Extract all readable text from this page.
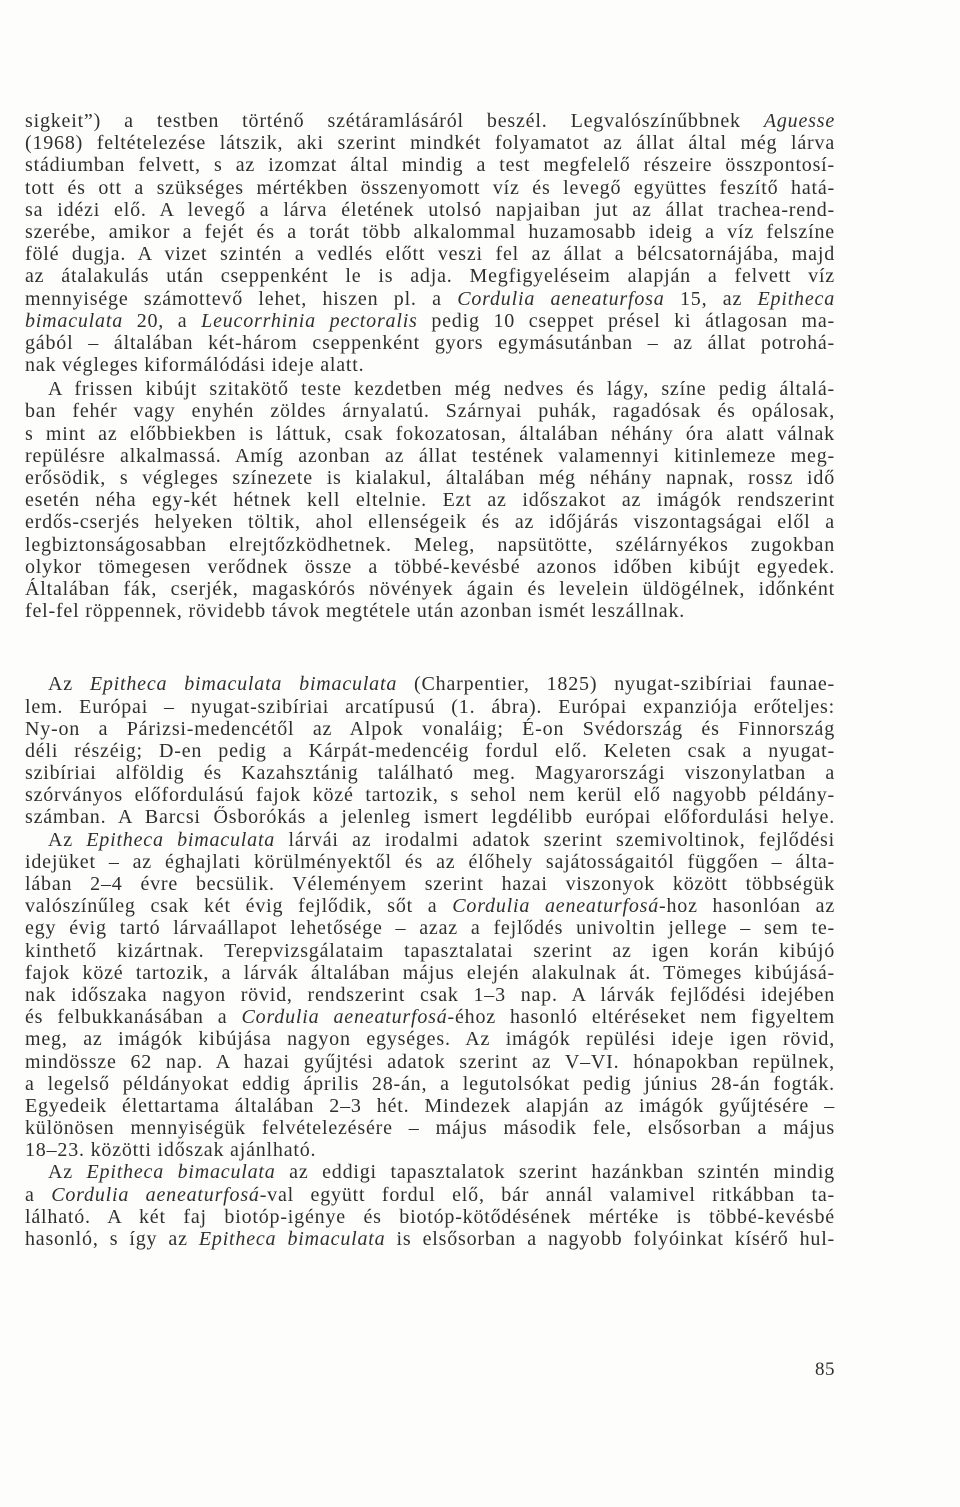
sigkeit”) a testben történő szétáramlásáról beszél. Legvalószínűbbnek Aguesse
(1968) feltételezése látszik, aki szerint mindkét folyamatot az állat által még lárva
stádiumban felvett, s az izomzat által mindig a test megfelelő részeire összpontosí-
tott és ott a szükséges mértékben összenyomott víz és levegő együttes feszítő hatá-
sa idézi elő. A levegő a lárva életének utolsó napjaiban jut az állat trachea-rend-
szerébe, amikor a fejét és a torát több alkalommal huzamosabb ideig a víz felszíne
fölé dugja. A vizet szintén a vedlés előtt veszi fel az állat a bélcsatornájába, majd
az átalakulás után cseppenként le is adja. Megfigyeléseim alapján a felvett víz
mennyisége számottevő lehet, hiszen pl. a Cordulia aeneaturfosa 15, az Epitheca
bimaculata 20, a Leucorrhinia pectoralis pedig 10 cseppet présel ki átlagosan ma-
gából – általában két-három cseppenként gyors egymásutánban – az állat potrohá-
nak végleges kiformálódási ideje alatt.
A frissen kibújt szitakötő teste kezdetben még nedves és lágy, színe pedig általá-
ban fehér vagy enyhén zöldes árnyalatú. Szárnyai puhák, ragadósak és opálosak,
s mint az előbbiekben is láttuk, csak fokozatosan, általában néhány óra alatt válnak
repülésre alkalmassá. Amíg azonban az állat testének valamennyi kitinlemeze meg-
erősödik, s végleges színezete is kialakul, általában még néhány napnak, rossz idő
esetén néha egy-két hétnek kell eltelnie. Ezt az időszakot az imágók rendszerint
erdős-cserjés helyeken töltik, ahol ellenségeik és az időjárás viszontagságai elől a
legbiztonságosabban elrejtőzködhetnek. Meleg, napsütötte, szélárnyékos zugokban
olykor tömegesen verődnek össze a többé-kevésbé azonos időben kibújt egyedek.
Általában fák, cserjék, magaskórós növények ágain és levelein üldögélnek, időnként
fel-fel röppennek, rövidebb távok megtétele után azonban ismét leszállnak.
Az Epitheca bimaculata bimaculata (Charpentier, 1825) nyugat-szibíriai faunae-
lem. Európai – nyugat-szibíriai arcatípusú (1. ábra). Európai expanziója erőteljes:
Ny-on a Párizsi-medencétől az Alpok vonaláig; É-on Svédország és Finnország
déli részéig; D-en pedig a Kárpát-medencéig fordul elő. Keleten csak a nyugat-
szibíriai alföldig és Kazahsztánig található meg. Magyarországi viszonylatban a
szórványos előfordulású fajok közé tartozik, s sehol nem kerül elő nagyobb példány-
számban. A Barcsi Ősborókás a jelenleg ismert legdélibb európai előfordulási helye.
Az Epitheca bimaculata lárvái az irodalmi adatok szerint szemivoltinok, fejlődési
idejüket – az éghajlati körülményektől és az élőhely sajátosságaitól függően – álta-
lában 2–4 évre becsülik. Véleményem szerint hazai viszonyok között többségük
valószínűleg csak két évig fejlődik, sőt a Cordulia aeneaturfosá-hoz hasonlóan az
egy évig tartó lárvaállapot lehetősége – azaz a fejlődés univoltin jellege – sem te-
kinthető kizártnak. Terepvizsgálataim tapasztalatai szerint az igen korán kibújó
fajok közé tartozik, a lárvák általában május elején alakulnak át. Tömeges kibújásá-
nak időszaka nagyon rövid, rendszerint csak 1–3 nap. A lárvák fejlődési idejében
és felbukkanásában a Cordulia aeneaturfosá-éhoz hasonló eltéréseket nem figyeltem
meg, az imágók kibújása nagyon egységes. Az imágók repülési ideje igen rövid,
mindössze 62 nap. A hazai gyűjtési adatok szerint az V–VI. hónapokban repülnek,
a legelső példányokat eddig április 28-án, a legutolsókat pedig június 28-án fogták.
Egyedeik élettartama általában 2–3 hét. Mindezek alapján az imágók gyűjtésére –
különösen mennyiségük felvételezésére – május második fele, elsősorban a május
18–23. közötti időszak ajánlható.
Az Epitheca bimaculata az eddigi tapasztalatok szerint hazánkban szintén mindig
a Cordulia aeneaturfosá-val együtt fordul elő, bár annál valamivel ritkábban ta-
lálható. A két faj biotóp-igénye és biotóp-kötődésének mértéke is többé-kevésbé
hasonló, s így az Epitheca bimaculata is elsősorban a nagyobb folyóinkat kísérő hul-
85
